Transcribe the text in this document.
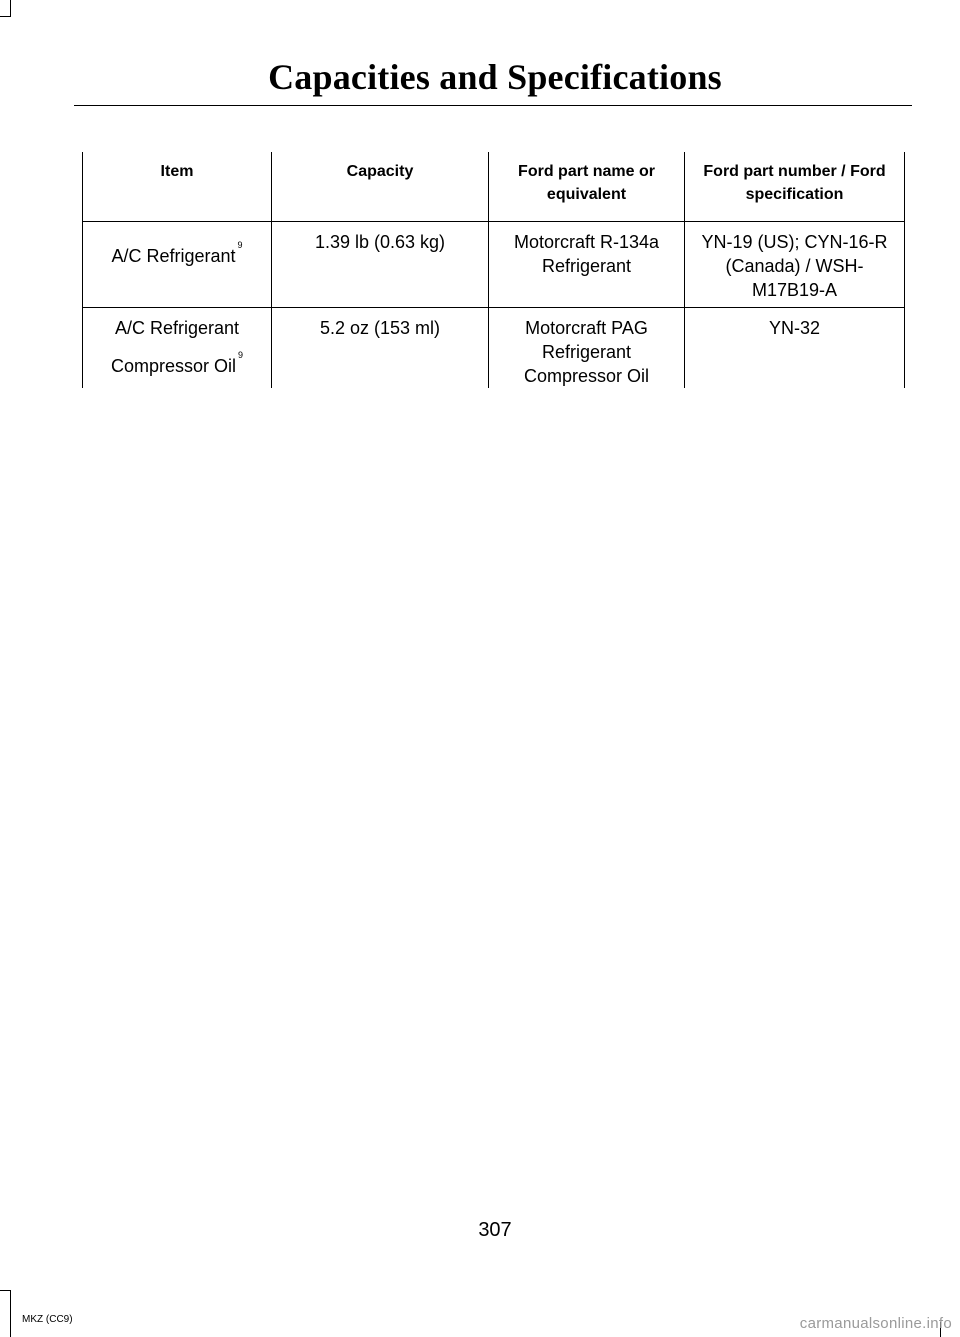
Capacities and Specifications
Item	Capacity	Ford part name or equivalent	Ford part number / Ford specification

A/C Refrigerant$^9$	1.39 lb (0.63 kg)	Motorcraft R-134a Refrigerant	YN-19 (US); CYN-16-R (Canada) / WSH-M17B19-A

A/C Refrigerant
Compressor Oil$^9$	5.2 oz (153 ml)	Motorcraft PAG Refrigerant Compressor Oil	YN-32
307
MKZ (CC9)	carmanualsonline.info
